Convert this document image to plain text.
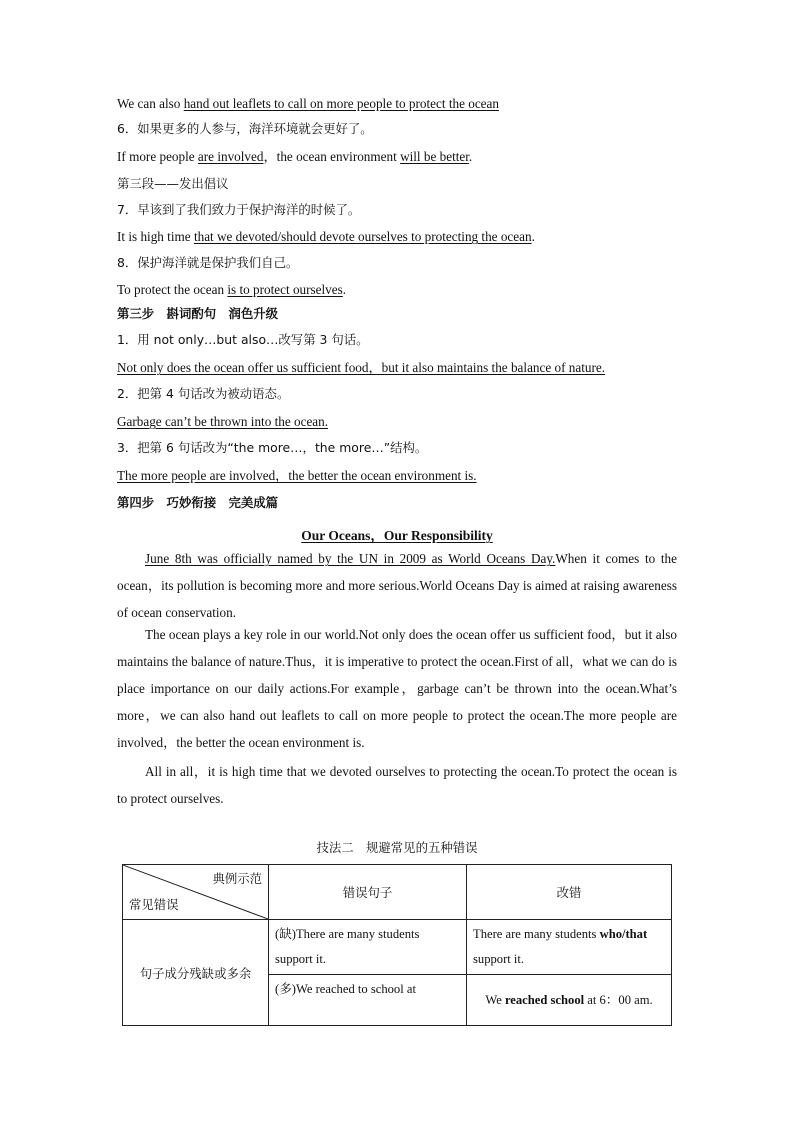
We can also hand out leaflets to call on more people to protect the ocean
6．如果更多的人参与，海洋环境就会更好了。
If more people are involved，the ocean environment will be better.
第三段——发出倡议
7．早该到了我们致力于保护海洋的时候了。
It is high time that we devoted/should devote ourselves to protecting the ocean.
8．保护海洋就是保护我们自己。
To protect the ocean is to protect ourselves.
第三步　斟词酌句　润色升级
1．用 not only…but also…改写第 3 句话。
Not only does the ocean offer us sufficient food，but it also maintains the balance of nature.
2．把第 4 句话改为被动语态。
Garbage can’t be thrown into the ocean.
3．把第 6 句话改为“the more…，the more…”结构。
The more people are involved，the better the ocean environment is.
第四步　巧妙衔接　完美成篇
Our Oceans，Our Responsibility

June 8th was officially named by the UN in 2009 as World Oceans Day.When it comes to the ocean，its pollution is becoming more and more serious.World Oceans Day is aimed at raising awareness of ocean conservation.

The ocean plays a key role in our world.Not only does the ocean offer us sufficient food，but it also maintains the balance of nature.Thus，it is imperative to protect the ocean.First of all，what we can do is place importance on our daily actions.For example，garbage can’t be thrown into the ocean.What’s more，we can also hand out leaflets to call on more people to protect the ocean.The more people are involved，the better the ocean environment is.

All in all，it is high time that we devoted ourselves to protecting the ocean.To protect the ocean is to protect ourselves.

技法二　规避常见的五种错误
典例示范
常见错误	错误句子	改错
句子成分残缺或多余	(缺)There are many students support it.	There are many students who/that support it.
	(多)We reached to school at	We reached school at 6：00 am.
